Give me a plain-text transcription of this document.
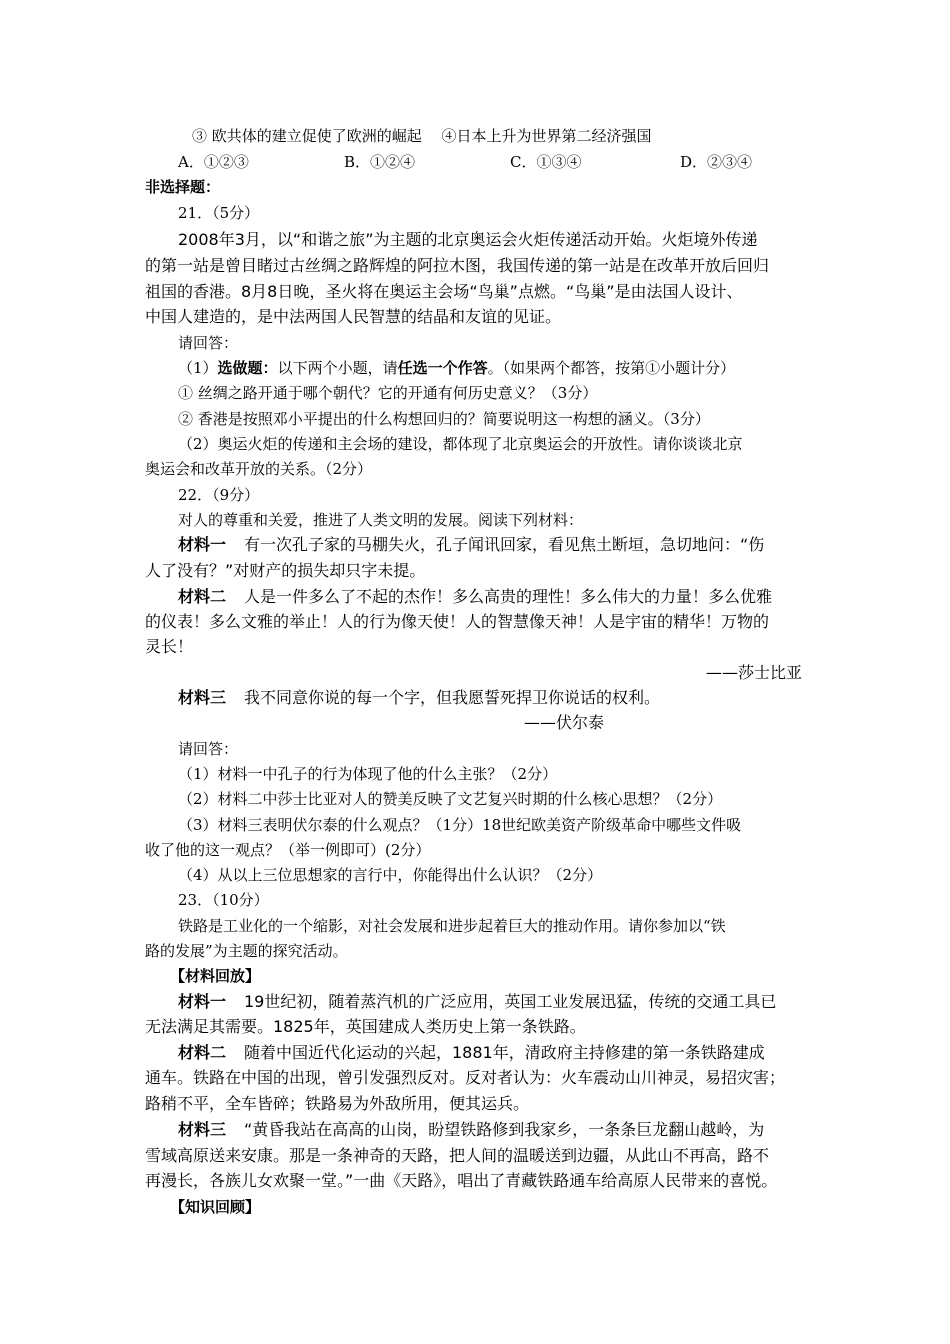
③ 欧共体的建立促使了欧洲的崛起 　④日本上升为世界第二经济强国
A．①②③	B．①②④	C．①③④	D．②③④
非选择题：
21．（5分）
2008年3月，以“和谐之旅”为主题的北京奥运会火炬传递活动开始。火炬境外传递
的第一站是曾目睹过古丝绸之路辉煌的阿拉木图，我国传递的第一站是在改革开放后回归
祖国的香港。8月8日晚，圣火将在奥运主会场“鸟巢”点燃。“鸟巢”是由法国人设计、
中国人建造的，是中法两国人民智慧的结晶和友谊的见证。
请回答：
（1）选做题：以下两个小题，请任选一个作答。（如果两个都答，按第①小题计分）
① 丝绸之路开通于哪个朝代？它的开通有何历史意义？（3分）
② 香港是按照邓小平提出的什么构想回归的？简要说明这一构想的涵义。（3分）
（2）奥运火炬的传递和主会场的建设，都体现了北京奥运会的开放性。请你谈谈北京
奥运会和改革开放的关系。（2分）
22．（9分）
对人的尊重和关爱，推进了人类文明的发展。阅读下列材料：
材料一 有一次孔子家的马棚失火，孔子闻讯回家，看见焦土断垣，急切地问：“伤
人了没有？”对财产的损失却只字未提。
材料二 人是一件多么了不起的杰作！多么高贵的理性！多么伟大的力量！多么优雅
的仪表！多么文雅的举止！人的行为像天使！人的智慧像天神！人是宇宙的精华！万物的
灵长！
——莎士比亚
材料三 我不同意你说的每一个字，但我愿誓死捍卫你说话的权利。
——伏尔泰
请回答：
（1）材料一中孔子的行为体现了他的什么主张？（2分）
（2）材料二中莎士比亚对人的赞美反映了文艺复兴时期的什么核心思想？（2分）
（3）材料三表明伏尔泰的什么观点？（1分）18世纪欧美资产阶级革命中哪些文件吸
收了他的这一观点？（举一例即可）(2分）
（4）从以上三位思想家的言行中，你能得出什么认识？（2分）
23．（10分）
铁路是工业化的一个缩影，对社会发展和进步起着巨大的推动作用。请你参加以“铁
路的发展”为主题的探究活动。
【材料回放】
材料一 19世纪初，随着蒸汽机的广泛应用，英国工业发展迅猛，传统的交通工具已
无法满足其需要。1825年，英国建成人类历史上第一条铁路。
材料二 随着中国近代化运动的兴起，1881年，清政府主持修建的第一条铁路建成
通车。铁路在中国的出现，曾引发强烈反对。反对者认为：火车震动山川神灵，易招灾害；
路稍不平，全车皆碎；铁路易为外敌所用，便其运兵。
材料三 “黄昏我站在高高的山岗，盼望铁路修到我家乡，一条条巨龙翻山越岭，为
雪域高原送来安康。那是一条神奇的天路，把人间的温暖送到边疆，从此山不再高，路不
再漫长，各族儿女欢聚一堂。”一曲《天路》，唱出了青藏铁路通车给高原人民带来的喜悦。
【知识回顾】
